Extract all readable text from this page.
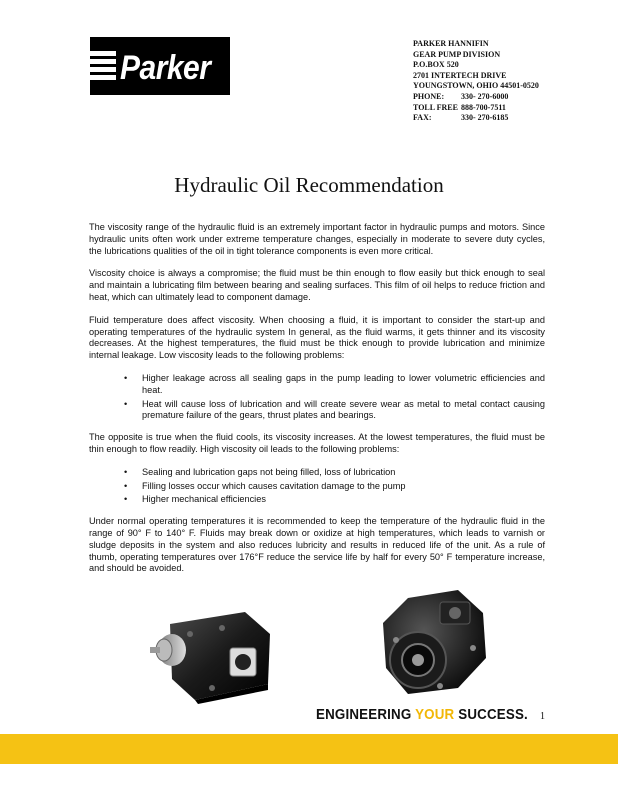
Parker
PARKER HANNIFIN
GEAR PUMP DIVISION
P.O.BOX 520
2701 INTERTECH DRIVE
YOUNGSTOWN, OHIO 44501-0520
PHONE: 330- 270-6000
TOLL FREE 888-700-7511
FAX:	330- 270-6185
Hydraulic Oil Recommendation

The viscosity range of the hydraulic fluid is an extremely important factor in hydraulic pumps and motors. Since hydraulic units often work under extreme temperature changes, especially in moderate to severe duty cycles, the lubrications qualities of the oil in tight tolerance components is even more critical.

Viscosity choice is always a compromise; the fluid must be thin enough to flow easily but thick enough to seal and maintain a lubricating film between bearing and sealing surfaces. This film of oil helps to reduce friction and heat, which can ultimately lead to component damage.

Fluid temperature does affect viscosity. When choosing a fluid, it is important to consider the start-up and operating temperatures of the hydraulic system In general, as the fluid warms, it gets thinner and its viscosity decreases. At the highest temperatures, the fluid must be thick enough to provide lubrication and minimize internal leakage. Low viscosity leads to the following problems:

• Higher leakage across all sealing gaps in the pump leading to lower volumetric efficiencies and heat.
• Heat will cause loss of lubrication and will create severe wear as metal to metal contact causing premature failure of the gears, thrust plates and bearings.

The opposite is true when the fluid cools, its viscosity increases. At the lowest temperatures, the fluid must be thin enough to flow readily. High viscosity oil leads to the following problems:

• Sealing and lubrication gaps not being filled, loss of lubrication
• Filling losses occur which causes cavitation damage to the pump
• Higher mechanical efficiencies

Under normal operating temperatures it is recommended to keep the temperature of the hydraulic fluid in the range of 90° F to 140° F. Fluids may break down or oxidize at high temperatures, which leads to varnish or sludge deposits in the system and also reduces lubricity and results in reduced life of the unit. As a rule of thumb, operating temperatures over 176°F reduce the service life by half for every 50° F temperature increase, and should be avoided.

ENGINEERING YOUR SUCCESS. 1
